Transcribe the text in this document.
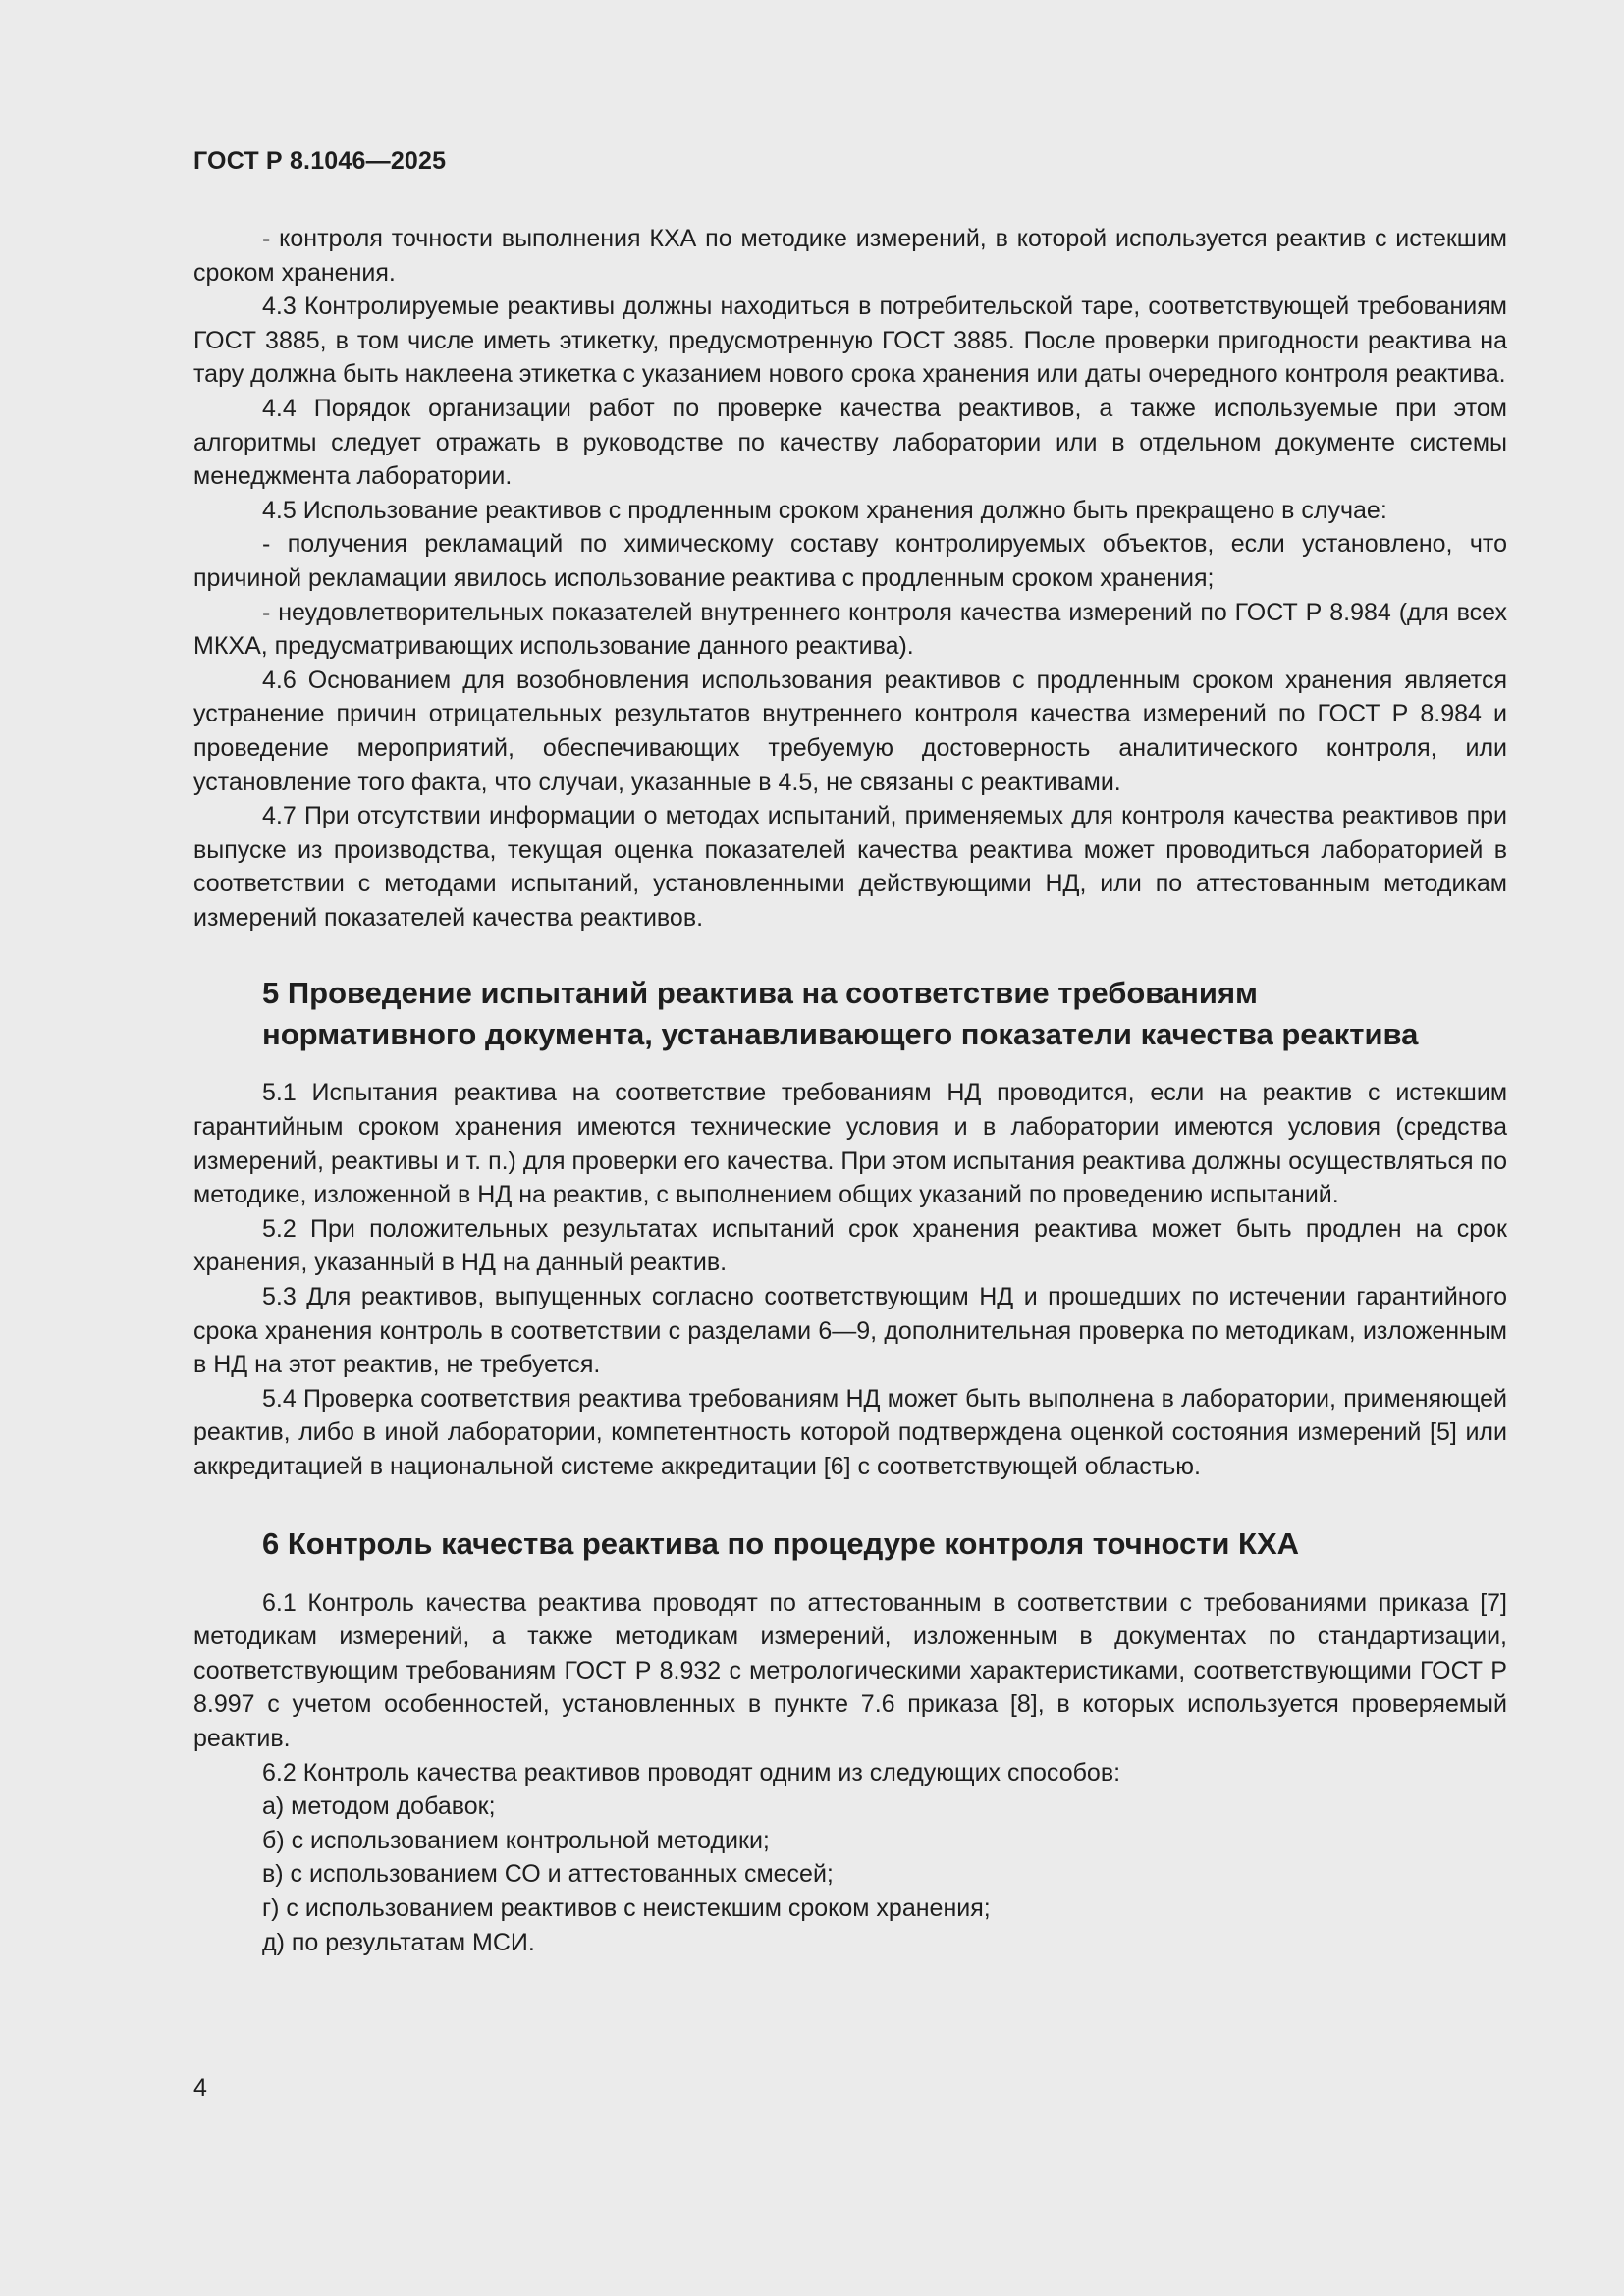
ГОСТ Р 8.1046—2025

- контроля точности выполнения КХА по методике измерений, в которой используется реактив с истекшим сроком хранения.

4.3 Контролируемые реактивы должны находиться в потребительской таре, соответствующей требованиям ГОСТ 3885, в том числе иметь этикетку, предусмотренную ГОСТ 3885. После проверки пригодности реактива на тару должна быть наклеена этикетка с указанием нового срока хранения или даты очередного контроля реактива.

4.4 Порядок организации работ по проверке качества реактивов, а также используемые при этом алгоритмы следует отражать в руководстве по качеству лаборатории или в отдельном документе системы менеджмента лаборатории.

4.5 Использование реактивов с продленным сроком хранения должно быть прекращено в случае:

- получения рекламаций по химическому составу контролируемых объектов, если установлено, что причиной рекламации явилось использование реактива с продленным сроком хранения;

- неудовлетворительных показателей внутреннего контроля качества измерений по ГОСТ Р 8.984 (для всех МКХА, предусматривающих использование данного реактива).

4.6 Основанием для возобновления использования реактивов с продленным сроком хранения является устранение причин отрицательных результатов внутреннего контроля качества измерений по ГОСТ Р 8.984 и проведение мероприятий, обеспечивающих требуемую достоверность аналитического контроля, или установление того факта, что случаи, указанные в 4.5, не связаны с реактивами.

4.7 При отсутствии информации о методах испытаний, применяемых для контроля качества реактивов при выпуске из производства, текущая оценка показателей качества реактива может проводиться лабораторией в соответствии с методами испытаний, установленными действующими НД, или по аттестованным методикам измерений показателей качества реактивов.

5 Проведение испытаний реактива на соответствие требованиям
нормативного документа, устанавливающего показатели качества реактива

5.1 Испытания реактива на соответствие требованиям НД проводится, если на реактив с истекшим гарантийным сроком хранения имеются технические условия и в лаборатории имеются условия (средства измерений, реактивы и т. п.) для проверки его качества. При этом испытания реактива должны осуществляться по методике, изложенной в НД на реактив, с выполнением общих указаний по проведению испытаний.

5.2 При положительных результатах испытаний срок хранения реактива может быть продлен на срок хранения, указанный в НД на данный реактив.

5.3 Для реактивов, выпущенных согласно соответствующим НД и прошедших по истечении гарантийного срока хранения контроль в соответствии с разделами 6—9, дополнительная проверка по методикам, изложенным в НД на этот реактив, не требуется.

5.4 Проверка соответствия реактива требованиям НД может быть выполнена в лаборатории, применяющей реактив, либо в иной лаборатории, компетентность которой подтверждена оценкой состояния измерений [5] или аккредитацией в национальной системе аккредитации [6] с соответствующей областью.

6 Контроль качества реактива по процедуре контроля точности КХА

6.1 Контроль качества реактива проводят по аттестованным в соответствии с требованиями приказа [7] методикам измерений, а также методикам измерений, изложенным в документах по стандартизации, соответствующим требованиям ГОСТ Р 8.932 с метрологическими характеристиками, соответствующими ГОСТ Р 8.997 с учетом особенностей, установленных в пункте 7.6 приказа [8], в которых используется проверяемый реактив.

6.2 Контроль качества реактивов проводят одним из следующих способов:

а) методом добавок;

б) с использованием контрольной методики;

в) с использованием СО и аттестованных смесей;

г) с использованием реактивов с неистекшим сроком хранения;

д) по результатам МСИ.

4
